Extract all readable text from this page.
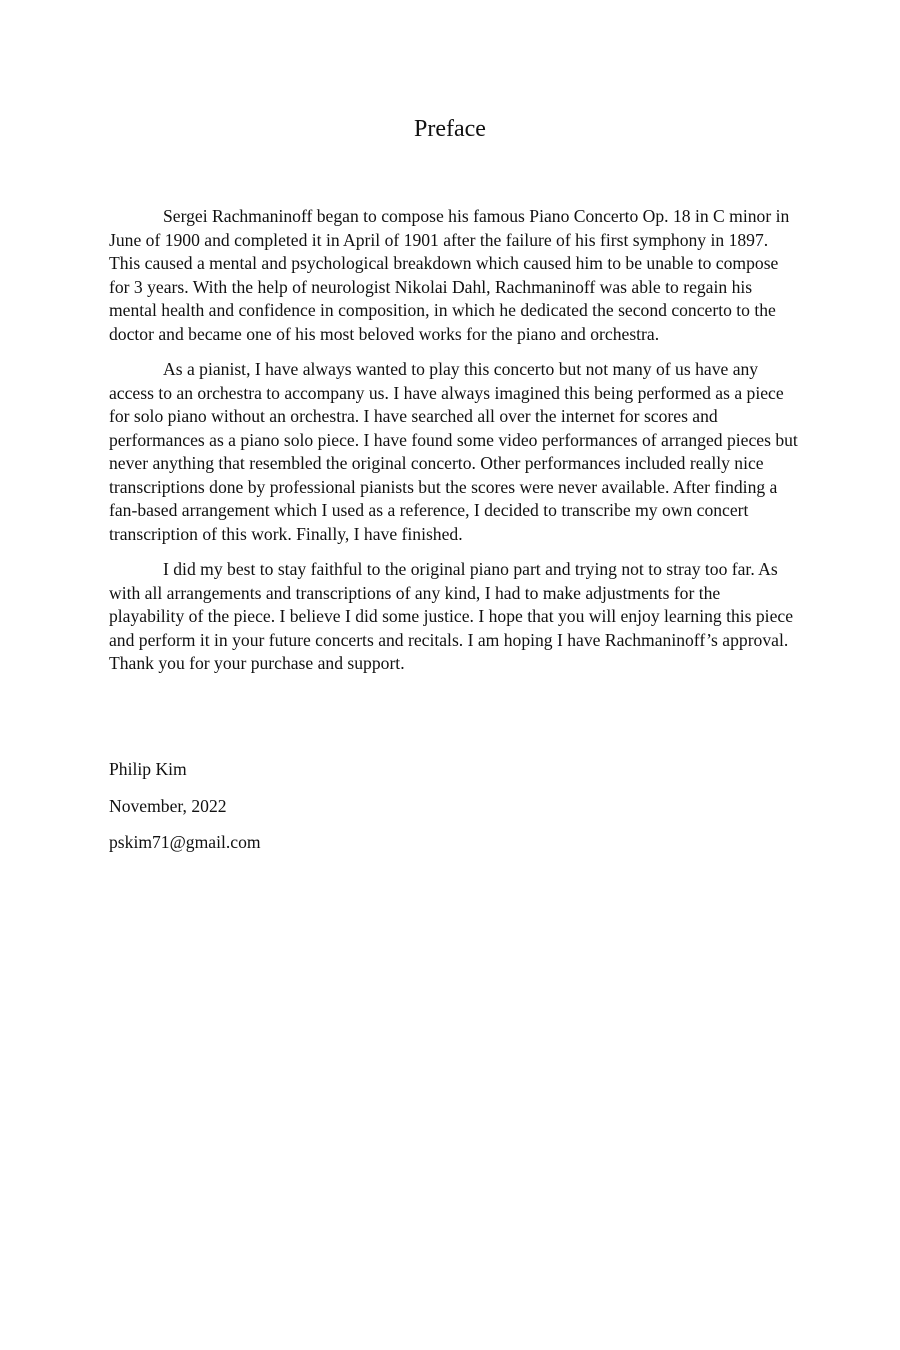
Preface

Sergei Rachmaninoff began to compose his famous Piano Concerto Op. 18 in C minor in June of 1900 and completed it in April of 1901 after the failure of his first symphony in 1897. This caused a mental and psychological breakdown which caused him to be unable to compose for 3 years. With the help of neurologist Nikolai Dahl, Rachmaninoff was able to regain his mental health and confidence in composition, in which he dedicated the second concerto to the doctor and became one of his most beloved works for the piano and orchestra.

As a pianist, I have always wanted to play this concerto but not many of us have any access to an orchestra to accompany us. I have always imagined this being performed as a piece for solo piano without an orchestra. I have searched all over the internet for scores and performances as a piano solo piece. I have found some video performances of arranged pieces but never anything that resembled the original concerto. Other performances included really nice transcriptions done by professional pianists but the scores were never available. After finding a fan-based arrangement which I used as a reference, I decided to transcribe my own concert transcription of this work. Finally, I have finished.

I did my best to stay faithful to the original piano part and trying not to stray too far. As with all arrangements and transcriptions of any kind, I had to make adjustments for the playability of the piece. I believe I did some justice. I hope that you will enjoy learning this piece and perform it in your future concerts and recitals. I am hoping I have Rachmaninoff’s approval. Thank you for your purchase and support.

Philip Kim
November, 2022
pskim71@gmail.com
